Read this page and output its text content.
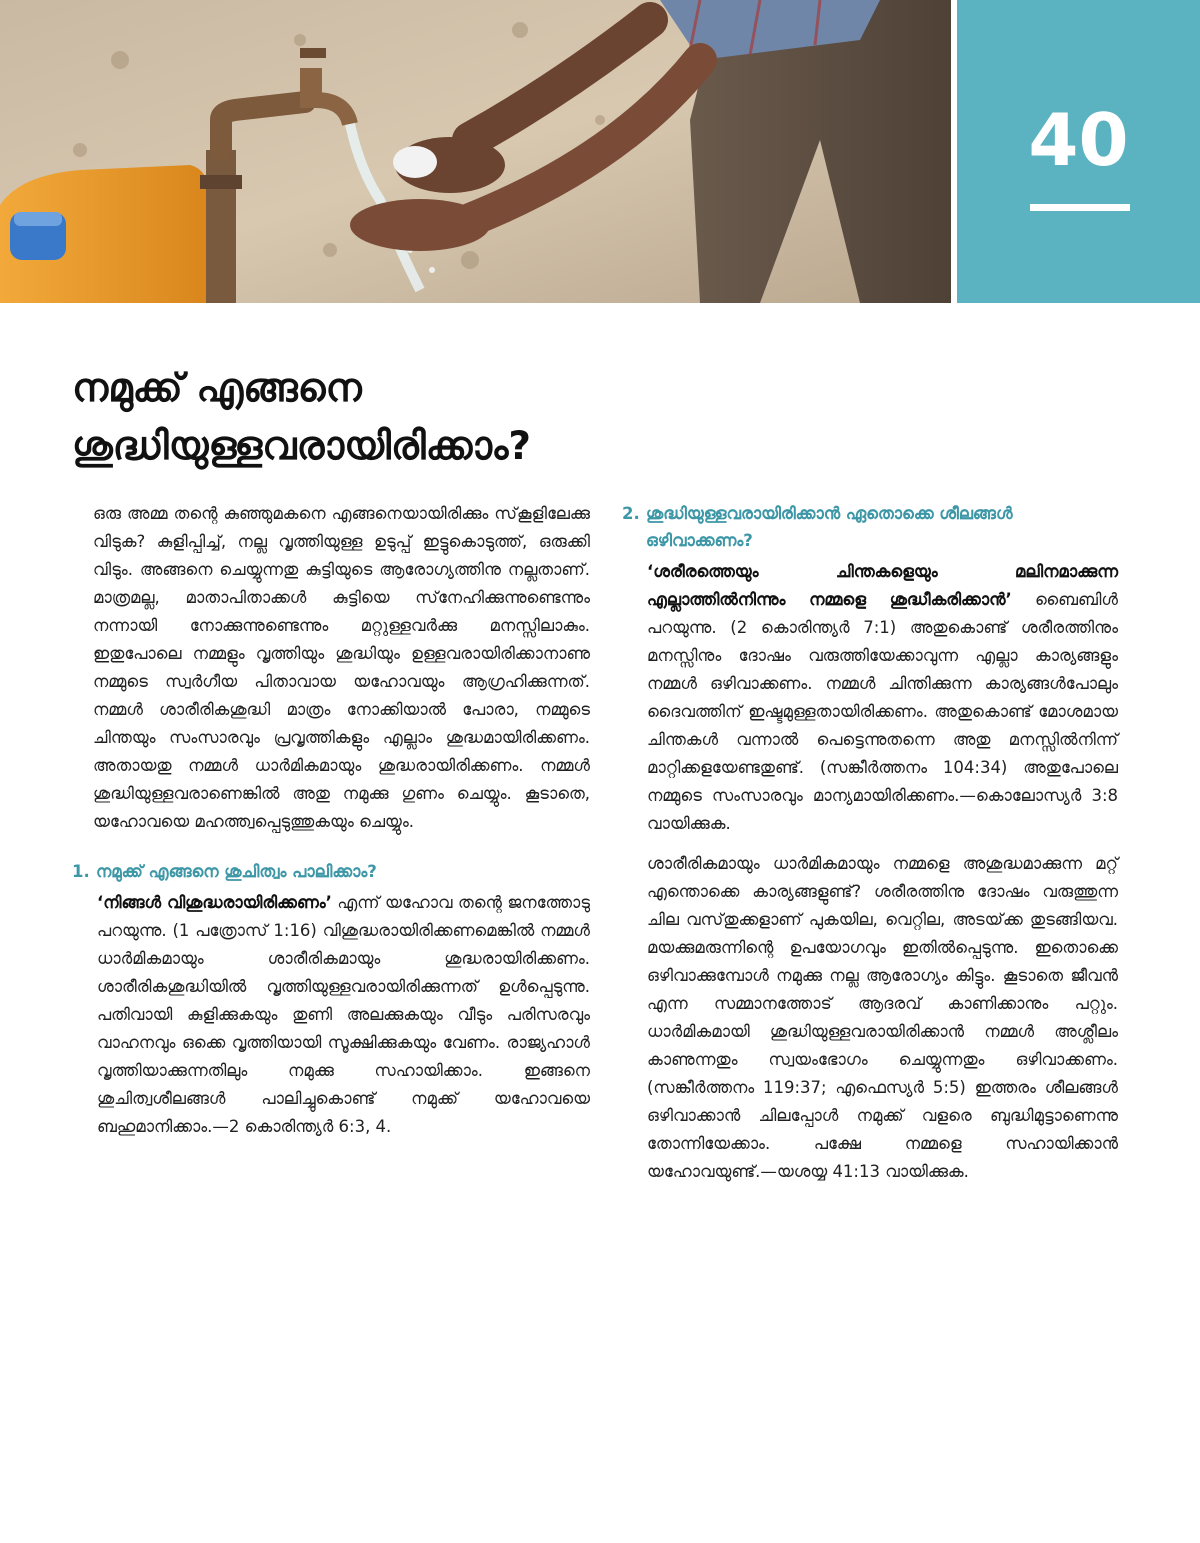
40
നമുക്ക് എങ്ങനെ
ശുദ്ധിയുള്ളവരായിരിക്കാം?

ഒരു അമ്മ തന്റെ കുഞ്ഞുമകനെ എങ്ങനെയായിരിക്കും സ്‌കൂളിലേക്കു വിടുക? കുളിപ്പിച്ച്, നല്ല വൃത്തിയുള്ള ഉടുപ്പ് ഇട്ടുകൊടുത്ത്, ഒരുക്കി വിടും. അങ്ങനെ ചെയ്യുന്നതു കുട്ടിയുടെ ആരോഗ്യത്തിനു നല്ലതാണ്. മാത്രമല്ല, മാതാപിതാക്കൾ കുട്ടിയെ സ്‌നേഹിക്കുന്നുണ്ടെന്നും നന്നായി നോക്കുന്നുണ്ടെന്നും മറ്റുള്ളവർക്കു മനസ്സിലാകും. ഇതുപോലെ നമ്മളും വൃത്തിയും ശുദ്ധിയും ഉള്ളവരായിരിക്കാനാണു നമ്മുടെ സ്വർഗീയ പിതാവായ യഹോവയും ആഗ്രഹിക്കുന്നത്. നമ്മൾ ശാരീരികശുദ്ധി മാത്രം നോക്കിയാൽ പോരാ, നമ്മുടെ ചിന്തയും സംസാരവും പ്രവൃത്തികളും എല്ലാം ശുദ്ധമായിരിക്കണം. അതായതു നമ്മൾ ധാർമികമായും ശുദ്ധരായിരിക്കണം. നമ്മൾ ശുദ്ധിയുള്ളവരാണെങ്കിൽ അതു നമുക്കു ഗുണം ചെയ്യും. കൂടാതെ, യഹോവയെ മഹത്ത്വപ്പെടുത്തുകയും ചെയ്യും.

1. നമുക്ക് എങ്ങനെ ശുചിത്വം പാലിക്കാം?

‘നിങ്ങൾ വിശുദ്ധരായിരിക്കണം’ എന്ന് യഹോവ തന്റെ ജനത്തോടു പറയുന്നു. (1 പത്രോസ്‌ 1:16) വിശുദ്ധരായിരിക്കണമെങ്കിൽ നമ്മൾ ധാർമികമായും ശാരീരികമായും ശുദ്ധരായിരിക്കണം. ശാരീരികശുദ്ധിയിൽ വൃത്തിയുള്ളവരായിരിക്കുന്നത് ഉൾപ്പെടുന്നു. പതിവായി കുളിക്കുകയും തുണി അലക്കുകയും വീടും പരിസരവും വാഹനവും ഒക്കെ വൃത്തിയായി സൂക്ഷിക്കുകയും വേണം. രാജ്യഹാൾ വൃത്തിയാക്കുന്നതിലും നമുക്കു സഹായിക്കാം. ഇങ്ങനെ ശുചിത്വശീലങ്ങൾ പാലിച്ചുകൊണ്ട് നമുക്ക് യഹോവയെ ബഹുമാനിക്കാം.—2 കൊരിന്ത്യർ 6:3, 4.

2. ശുദ്ധിയുള്ളവരായിരിക്കാൻ ഏതൊക്കെ ശീലങ്ങൾ ഒഴിവാക്കണം?

‘ശരീരത്തെയും ചിന്തകളെയും മലിനമാക്കുന്ന എല്ലാത്തിൽനിന്നും നമ്മളെ ശുദ്ധീകരിക്കാൻ’ ബൈബിൾ പറയുന്നു. (2 കൊരിന്ത്യർ 7:1) അതുകൊണ്ട് ശരീരത്തിനും മനസ്സിനും ദോഷം വരുത്തിയേക്കാവുന്ന എല്ലാ കാര്യങ്ങളും നമ്മൾ ഒഴിവാക്കണം. നമ്മൾ ചിന്തിക്കുന്ന കാര്യങ്ങൾപോലും ദൈവത്തിന് ഇഷ്ടമുള്ളതായിരിക്കണം. അതുകൊണ്ട് മോശമായ ചിന്തകൾ വന്നാൽ പെട്ടെന്നുതന്നെ അതു മനസ്സിൽനിന്ന് മാറ്റിക്കളയേണ്ടതുണ്ട്. (സങ്കീർത്തനം 104:34) അതുപോലെ നമ്മുടെ സംസാരവും മാന്യമായിരിക്കണം.—കൊലോസ്യർ 3:8 വായിക്കുക.

ശാരീരികമായും ധാർമികമായും നമ്മളെ അശുദ്ധമാക്കുന്ന മറ്റ് എന്തൊക്കെ കാര്യങ്ങളുണ്ട്? ശരീരത്തിനു ദോഷം വരുത്തുന്ന ചില വസ്‌തുക്കളാണ് പുകയില, വെറ്റില, അടയ്‌ക്ക തുടങ്ങിയവ. മയക്കുമരുന്നിന്റെ ഉപയോഗവും ഇതിൽപ്പെടുന്നു. ഇതൊക്കെ ഒഴിവാക്കുമ്പോൾ നമുക്കു നല്ല ആരോഗ്യം കിട്ടും. കൂടാതെ ജീവൻ എന്ന സമ്മാനത്തോട് ആദരവ്‌ കാണിക്കാനും പറ്റും. ധാർമികമായി ശുദ്ധിയുള്ളവരായിരിക്കാൻ നമ്മൾ അശ്ലീലം കാണുന്നതും സ്വയംഭോഗം ചെയ്യുന്നതും ഒഴിവാക്കണം. (സങ്കീർത്തനം 119:37; എഫെസ്യർ 5:5) ഇത്തരം ശീലങ്ങൾ ഒഴിവാക്കാൻ ചിലപ്പോൾ നമുക്ക് വളരെ ബുദ്ധിമുട്ടാണെന്നു തോന്നിയേക്കാം. പക്ഷേ നമ്മളെ സഹായിക്കാൻ യഹോവയുണ്ട്.—യശയ്യ 41:13 വായിക്കുക.
